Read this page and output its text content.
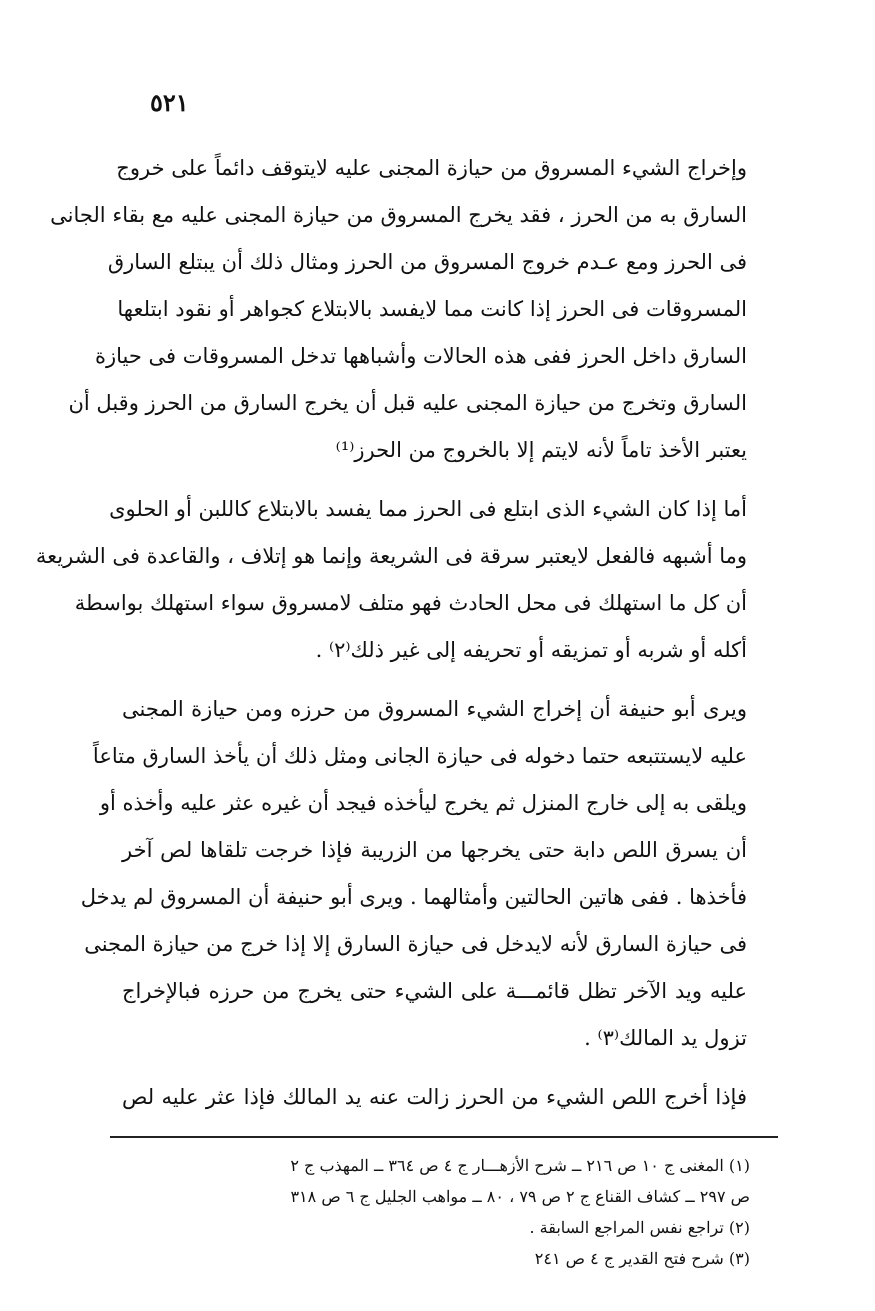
٥٢١
وإخراج الشيء المسروق من حيازة المجنى عليه لايتوقف دائماً على خروج
السارق به من الحرز ، فقد يخرج المسروق من حيازة المجنى عليه مع بقاء الجانى
فى الحرز ومع عـدم خروج المسروق من الحرز ومثال ذلك أن يبتلع السارق
المسروقات فى الحرز إذا كانت مما لايفسد بالابتلاع كجواهر أو نقود ابتلعها
السارق داخل الحرز ففى هذه الحالات وأشباهها تدخل المسروقات فى حيازة
السارق وتخرج من حيازة المجنى عليه قبل أن يخرج السارق من الحرز وقبل أن
يعتبر الأخذ تاماً لأنه لايتم إلا بالخروج من الحرز⁽¹⁾
أما إذا كان الشيء الذى ابتلع فى الحرز مما يفسد بالابتلاع كاللبن أو الحلوى
وما أشبهه فالفعل لايعتبر سرقة فى الشريعة وإنما هو إتلاف ، والقاعدة فى الشريعة
أن كل ما استهلك فى محل الحادث فهو متلف لامسروق سواء استهلك بواسطة
أكله أو شربه أو تمزيقه أو تحريفه إلى غير ذلك⁽٢⁾ .
ويرى أبو حنيفة أن إخراج الشيء المسروق من حرزه ومن حيازة المجنى
عليه لايستتبعه حتما دخوله فى حيازة الجانى ومثل ذلك أن يأخذ السارق متاعاً
ويلقى به إلى خارج المنزل ثم يخرج ليأخذه فيجد أن غيره عثر عليه وأخذه أو
أن يسرق اللص دابة حتى يخرجها من الزريبة فإذا خرجت تلقاها لص آخر
فأخذها . ففى هاتين الحالتين وأمثالهما . ويرى أبو حنيفة أن المسروق لم يدخل
فى حيازة السارق لأنه لايدخل فى حيازة السارق إلا إذا خرج من حيازة المجنى
عليه ويد الآخر تظل قائمـــة على الشيء حتى يخرج من حرزه فبالإخراج
تزول يد المالك⁽٣⁾ .
فإذا أخرج اللص الشيء من الحرز زالت عنه يد المالك فإذا عثر عليه لص
(١) المغنى ج ١٠ ص ٢١٦ ــ شرح الأزهـــار ج ٤ ص ٣٦٤ ــ المهذب ج ٢
ص ٢٩٧ ــ كشاف القناع ج ٢ ص ٧٩ ، ٨٠ ــ مواهب الجليل ج ٦ ص ٣١٨
(٢) تراجع نفس المراجع السابقة .
(٣) شرح فتح القدير ج ٤ ص ٢٤١
